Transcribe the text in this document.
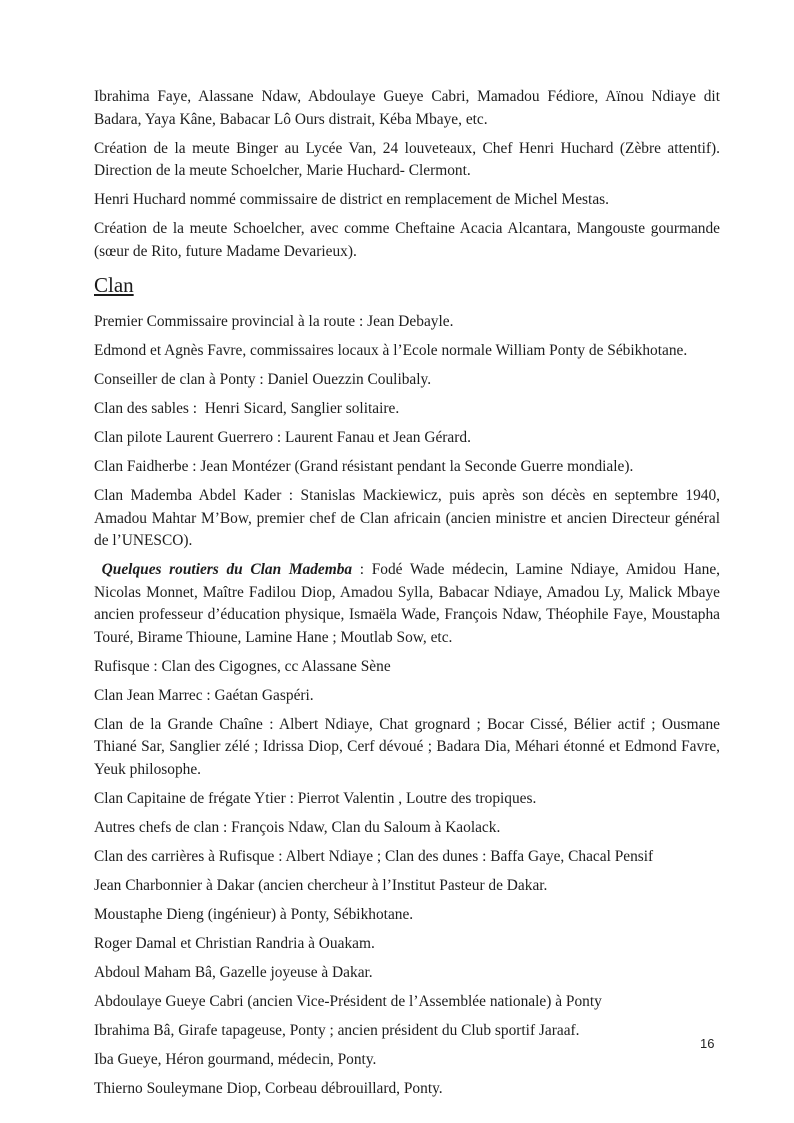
Ibrahima Faye, Alassane Ndaw, Abdoulaye Gueye Cabri, Mamadou Fédiore, Aïnou Ndiaye dit Badara, Yaya Kâne, Babacar Lô Ours distrait, Kéba Mbaye, etc.

Création de la meute Binger au Lycée Van, 24 louveteaux, Chef Henri Huchard (Zèbre attentif). Direction de la meute Schoelcher, Marie Huchard- Clermont.

Henri Huchard nommé commissaire de district en remplacement de Michel Mestas.

Création de la meute Schoelcher, avec comme Cheftaine Acacia Alcantara, Mangouste gourmande (sœur de Rito, future Madame Devarieux).

Clan

Premier Commissaire provincial à la route : Jean Debayle.

Edmond et Agnès Favre, commissaires locaux à l’Ecole normale William Ponty de Sébikhotane.

Conseiller de clan à Ponty : Daniel Ouezzin Coulibaly.

Clan des sables :  Henri Sicard, Sanglier solitaire.

Clan pilote Laurent Guerrero : Laurent Fanau et Jean Gérard.

Clan Faidherbe : Jean Montézer (Grand résistant pendant la Seconde Guerre mondiale).

Clan Mademba Abdel Kader : Stanislas Mackiewicz, puis après son décès en septembre 1940, Amadou Mahtar M’Bow, premier chef de Clan africain (ancien ministre et ancien Directeur général de l’UNESCO).

Quelques routiers du Clan Mademba : Fodé Wade médecin, Lamine Ndiaye, Amidou Hane, Nicolas Monnet, Maître Fadilou Diop, Amadou Sylla, Babacar Ndiaye, Amadou Ly, Malick Mbaye ancien professeur d’éducation physique, Ismaëla Wade, François Ndaw, Théophile Faye, Moustapha Touré, Birame Thioune, Lamine Hane ; Moutlab Sow, etc.

Rufisque : Clan des Cigognes, cc Alassane Sène

Clan Jean Marrec : Gaétan Gaspéri.

Clan de la Grande Chaîne : Albert Ndiaye, Chat grognard ; Bocar Cissé, Bélier actif ; Ousmane Thiané Sar, Sanglier zélé ; Idrissa Diop, Cerf dévoué ; Badara Dia, Méhari étonné et Edmond Favre, Yeuk philosophe.

Clan Capitaine de frégate Ytier : Pierrot Valentin , Loutre des tropiques.

Autres chefs de clan : François Ndaw, Clan du Saloum à Kaolack.

Clan des carrières à Rufisque : Albert Ndiaye ; Clan des dunes : Baffa Gaye, Chacal Pensif

Jean Charbonnier à Dakar (ancien chercheur à l’Institut Pasteur de Dakar.

Moustaphe Dieng (ingénieur) à Ponty, Sébikhotane.

Roger Damal et Christian Randria à Ouakam.

Abdoul Maham Bâ, Gazelle joyeuse à Dakar.

Abdoulaye Gueye Cabri (ancien Vice-Président de l’Assemblée nationale) à Ponty

Ibrahima Bâ, Girafe tapageuse, Ponty ; ancien président du Club sportif Jaraaf.

Iba Gueye, Héron gourmand, médecin, Ponty.

Thierno Souleymane Diop, Corbeau débrouillard, Ponty.

16
